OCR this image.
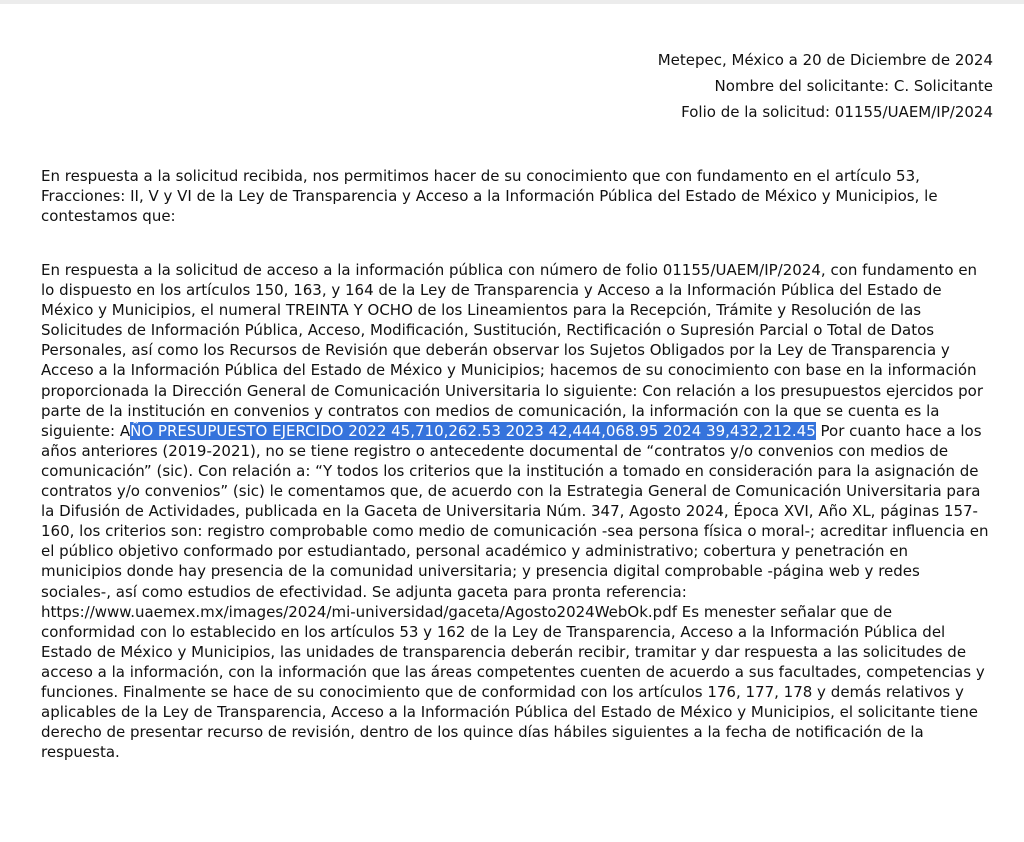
Metepec, México a 20 de Diciembre de 2024
Nombre del solicitante: C. Solicitante
Folio de la solicitud: 01155/UAEM/IP/2024

En respuesta a la solicitud recibida, nos permitimos hacer de su conocimiento que con fundamento en el artículo 53, Fracciones: II, V y VI de la Ley de Transparencia y Acceso a la Información Pública del Estado de México y Municipios, le contestamos que:

En respuesta a la solicitud de acceso a la información pública con número de folio 01155/UAEM/IP/2024, con fundamento en lo dispuesto en los artículos 150, 163, y 164 de la Ley de Transparencia y Acceso a la Información Pública del Estado de México y Municipios, el numeral TREINTA Y OCHO de los Lineamientos para la Recepción, Trámite y Resolución de las Solicitudes de Información Pública, Acceso, Modificación, Sustitución, Rectificación o Supresión Parcial o Total de Datos Personales, así como los Recursos de Revisión que deberán observar los Sujetos Obligados por la Ley de Transparencia y Acceso a la Información Pública del Estado de México y Municipios; hacemos de su conocimiento con base en la información proporcionada la Dirección General de Comunicación Universitaria lo siguiente: Con relación a los presupuestos ejercidos por parte de la institución en convenios y contratos con medios de comunicación, la información con la que se cuenta es la siguiente: AÑO PRESUPUESTO EJERCIDO 2022 45,710,262.53 2023 42,444,068.95 2024 39,432,212.45 Por cuanto hace a los años anteriores (2019-2021), no se tiene registro o antecedente documental de “contratos y/o convenios con medios de comunicación” (sic). Con relación a: “Y todos los criterios que la institución a tomado en consideración para la asignación de contratos y/o convenios” (sic) le comentamos que, de acuerdo con la Estrategia General de Comunicación Universitaria para la Difusión de Actividades, publicada en la Gaceta de Universitaria Núm. 347, Agosto 2024, Época XVI, Año XL, páginas 157-160, los criterios son: registro comprobable como medio de comunicación -sea persona física o moral-; acreditar influencia en el público objetivo conformado por estudiantado, personal académico y administrativo; cobertura y penetración en municipios donde hay presencia de la comunidad universitaria; y presencia digital comprobable -página web y redes sociales-, así como estudios de efectividad. Se adjunta gaceta para pronta referencia: https://www.uaemex.mx/images/2024/mi-universidad/gaceta/Agosto2024WebOk.pdf Es menester señalar que de conformidad con lo establecido en los artículos 53 y 162 de la Ley de Transparencia, Acceso a la Información Pública del Estado de México y Municipios, las unidades de transparencia deberán recibir, tramitar y dar respuesta a las solicitudes de acceso a la información, con la información que las áreas competentes cuenten de acuerdo a sus facultades, competencias y funciones. Finalmente se hace de su conocimiento que de conformidad con los artículos 176, 177, 178 y demás relativos y aplicables de la Ley de Transparencia, Acceso a la Información Pública del Estado de México y Municipios, el solicitante tiene derecho de presentar recurso de revisión, dentro de los quince días hábiles siguientes a la fecha de notificación de la respuesta.
